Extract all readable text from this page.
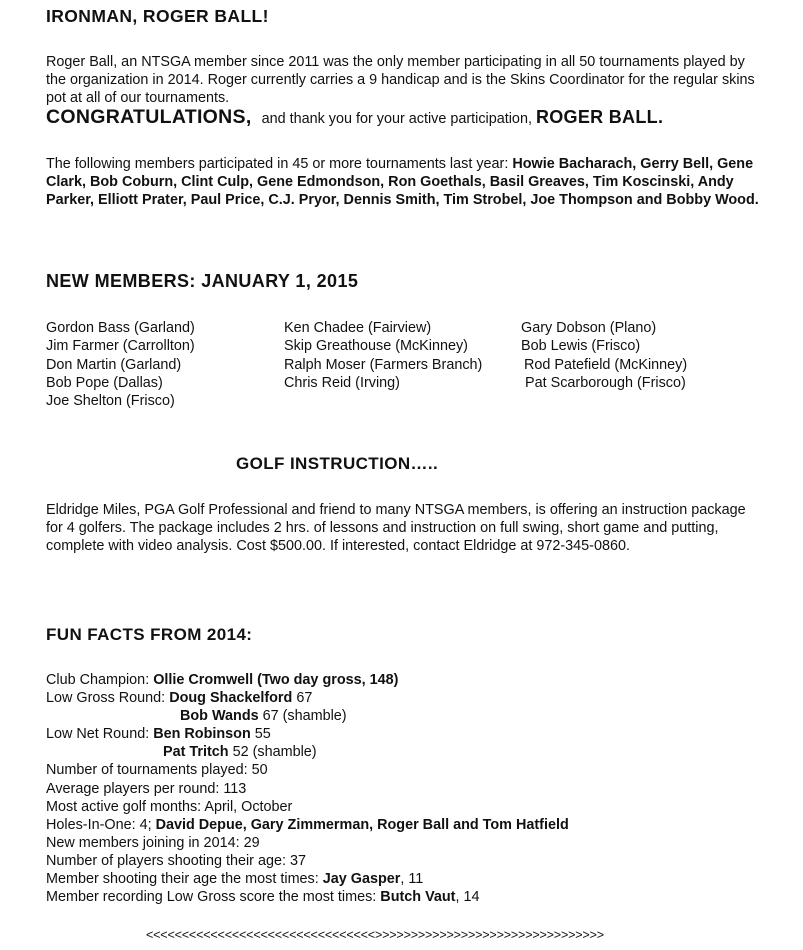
IRONMAN, ROGER BALL!
Roger Ball, an NTSGA member since 2011 was the only member participating in all 50 tournaments played by the organization in 2014. Roger currently carries a 9 handicap and is the Skins Coordinator for the regular skins pot at all of our tournaments.
CONGRATULATIONS, and thank you for your active participation, ROGER BALL.
The following members participated in 45 or more tournaments last year: Howie Bacharach, Gerry Bell, Gene Clark, Bob Coburn, Clint Culp, Gene Edmondson, Ron Goethals, Basil Greaves, Tim Koscinski, Andy Parker, Elliott Prater, Paul Price, C.J. Pryor, Dennis Smith, Tim Strobel, Joe Thompson and Bobby Wood.
NEW MEMBERS: JANUARY 1, 2015
Gordon Bass (Garland)
Jim Farmer (Carrollton)
Don Martin (Garland)
Bob Pope (Dallas)
Joe Shelton (Frisco)
Ken Chadee (Fairview)
Skip Greathouse (McKinney)
Ralph Moser (Farmers Branch)
Chris Reid (Irving)
Gary Dobson (Plano)
Bob Lewis (Frisco)
Rod Patefield (McKinney)
Pat Scarborough (Frisco)
GOLF INSTRUCTION…..
Eldridge Miles, PGA Golf Professional and friend to many NTSGA members, is offering an instruction package for 4 golfers. The package includes 2 hrs. of lessons and instruction on full swing, short game and putting, complete with video analysis. Cost $500.00. If interested, contact Eldridge at 972-345-0860.
FUN FACTS FROM 2014:
Club Champion: Ollie Cromwell (Two day gross, 148)
Low Gross Round: Doug Shackelford 67
Bob Wands 67 (shamble)
Low Net Round: Ben Robinson 55
Pat Tritch 52 (shamble)
Number of tournaments played: 50
Average players per round: 113
Most active golf months: April, October
Holes-In-One: 4; David Depue, Gary Zimmerman, Roger Ball and Tom Hatfield
New members joining in 2014: 29
Number of players shooting their age: 37
Member shooting their age the most times: Jay Gasper, 11
Member recording Low Gross score the most times: Butch Vaut, 14
<<<<<<<<<<<<<<<<<<<<<<<<<<<<<<<<>>>>>>>>>>>>>>>>>>>>>>>>>>>>>>>>
